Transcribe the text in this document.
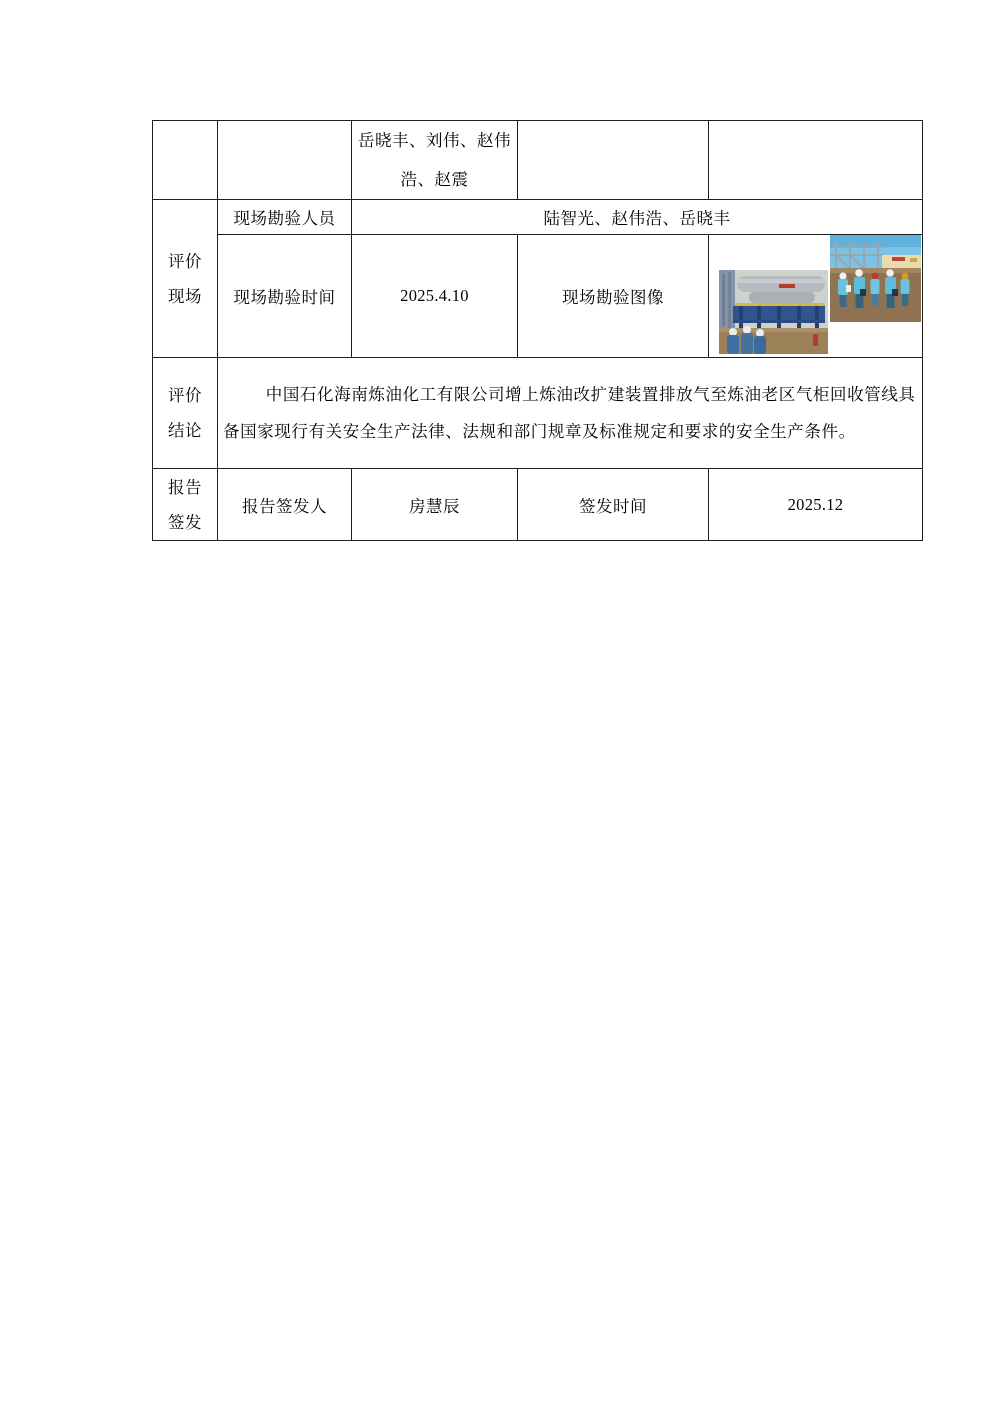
		岳晓丰、刘伟、赵伟浩、赵震		
评价现场	现场勘验人员	陆智光、赵伟浩、岳晓丰		
	现场勘验时间	2025.4.10	现场勘验图像	

评价结论	中国石化海南炼油化工有限公司增上炼油改扩建装置排放气至炼油老区气柜回收管线具备国家现行有关安全生产法律、法规和部门规章及标准规定和要求的安全生产条件。			

报告签发	报告签发人	房慧辰	签发时间	2025.12
